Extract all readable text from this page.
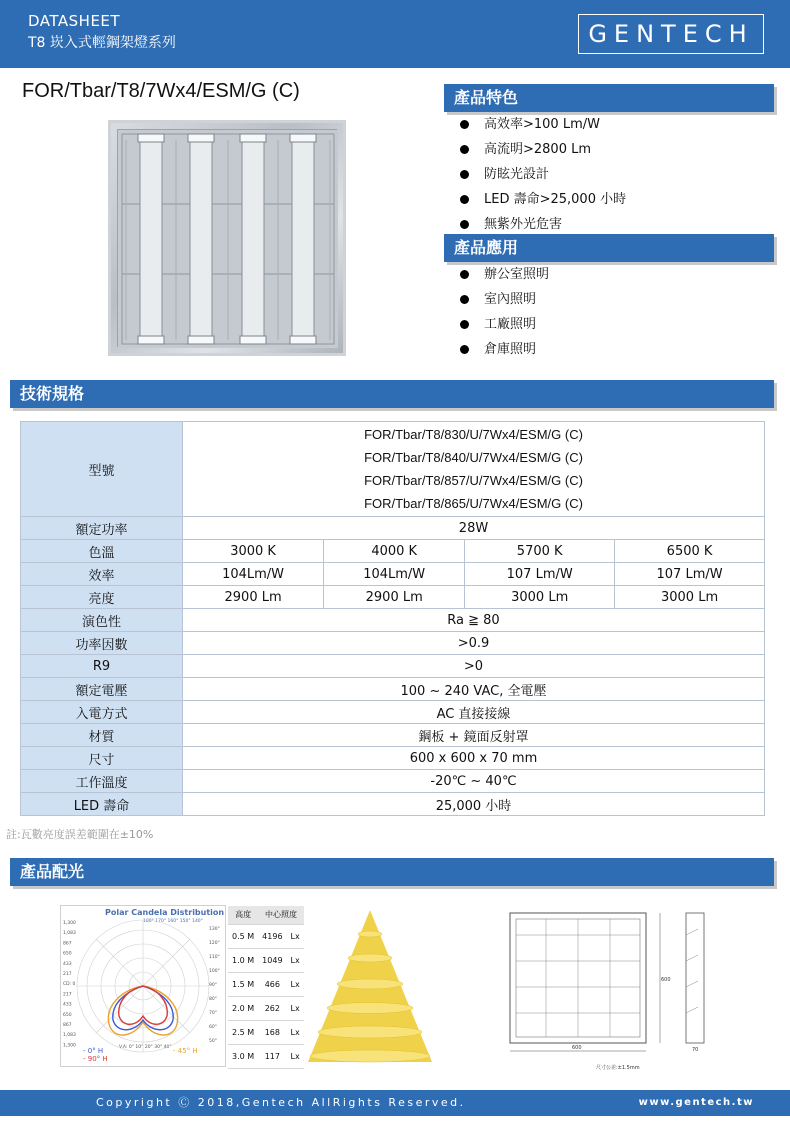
DATASHEET
T8 崁入式輕鋼架燈系列	GENTECH
FOR/Tbar/T8/7Wx4/ESM/G (C)	產品特色
高效率>100 Lm/W
高流明>2800 Lm
防眩光設計
LED 壽命>25,000 小時
無紫外光危害
產品應用
辦公室照明
室內照明
工廠照明
倉庫照明
技術規格
型號	FOR/Tbar/T8/830/U/7Wx4/ESM/G (C)
FOR/Tbar/T8/840/U/7Wx4/ESM/G (C)
FOR/Tbar/T8/857/U/7Wx4/ESM/G (C)
FOR/Tbar/T8/865/U/7Wx4/ESM/G (C)			

額定功率	28W			
色溫	3000 K	4000 K	5700 K	6500 K
效率	104Lm/W	104Lm/W	107 Lm/W	107 Lm/W
亮度	2900 Lm	2900 Lm	3000 Lm	3000 Lm
演色性	Ra ≧ 80			
功率因數	>0.9			
R9	>0			
額定電壓	100 ~ 240 VAC, 全電壓			
入電方式	AC 直接接線			
材質	鋼板 + 鏡面反射罩			
尺寸	600 x 600 x 70 mm			
工作溫度	-20℃ ~ 40℃			
LED 壽命	25,000 小時			
註:瓦數亮度誤差範圍在±10%
產品配光
Polar Candela Distribution
1,300
1,083
867
650
433
217
CD: 0
217
433
650
867
1,083
1,300
130°
120°
110°
100°
90°
80°
70°
60°
50°
180° 170° 160° 150° 140°
V.A: 0° 10° 20° 30° 40°
- 0° H
- 90° H
- 45° H
高度	中心照度	
0.5 M	4196	Lx
1.0 M	1049	Lx
1.5 M	466	Lx
2.0 M	262	Lx
2.5 M	168	Lx
3.0 M	117	Lx
600
600
70
尺寸公差:±1.5mm
Copyright Ⓒ 2018,Gentech AllRights Reserved.	www.gentech.tw
